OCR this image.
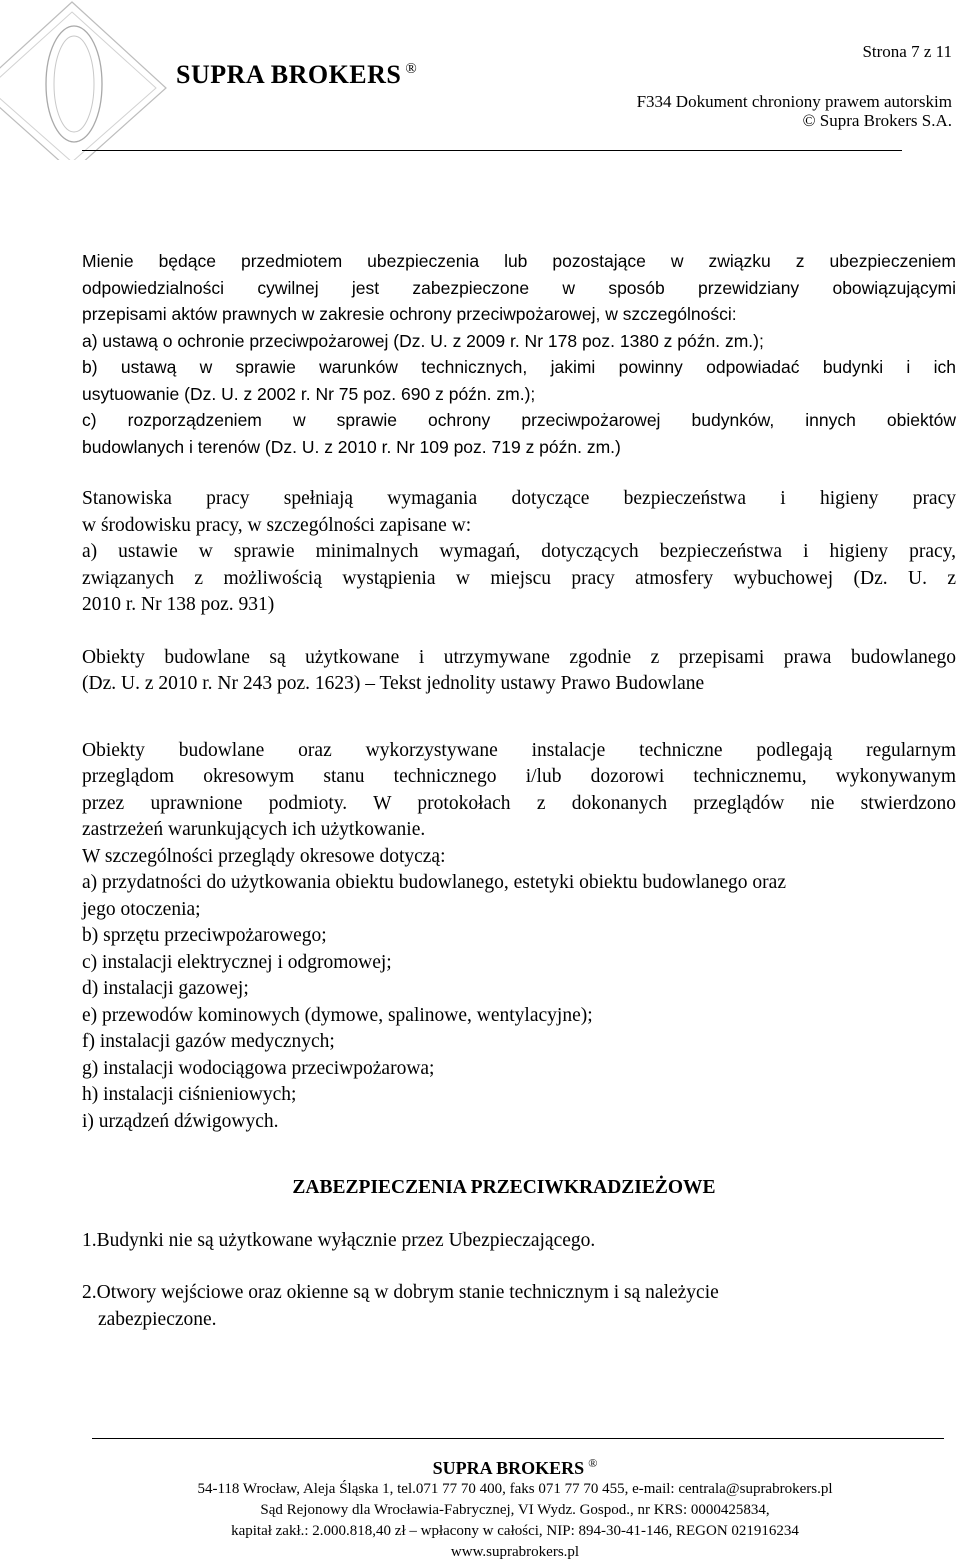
Strona 7 z 11
SUPRA BROKERS ®
F334 Dokument chroniony prawem autorskim
© Supra Brokers S.A.

Mienie będące przedmiotem ubezpieczenia lub pozostające w związku z ubezpieczeniem

odpowiedzialności cywilnej jest zabezpieczone w sposób przewidziany obowiązującymi

przepisami aktów prawnych w zakresie ochrony przeciwpożarowej, w szczególności:

a) ustawą o ochronie przeciwpożarowej (Dz. U. z 2009 r. Nr 178 poz. 1380 z późn. zm.);

b) ustawą w sprawie warunków technicznych, jakimi powinny odpowiadać budynki i ich

usytuowanie (Dz. U. z 2002 r. Nr 75 poz. 690 z późn. zm.);

c) rozporządzeniem w sprawie ochrony przeciwpożarowej budynków, innych obiektów

budowlanych i terenów (Dz. U. z 2010 r. Nr 109 poz. 719 z późn. zm.)

Stanowiska pracy spełniają wymagania dotyczące bezpieczeństwa i higieny pracy

w środowisku pracy, w szczególności zapisane w:

a) ustawie w sprawie minimalnych wymagań, dotyczących bezpieczeństwa i higieny pracy,

związanych z możliwością wystąpienia w miejscu pracy atmosfery wybuchowej (Dz. U. z

2010 r. Nr 138 poz. 931)

Obiekty budowlane są użytkowane i utrzymywane zgodnie z przepisami prawa budowlanego

(Dz. U. z 2010 r. Nr 243 poz. 1623) – Tekst jednolity ustawy Prawo Budowlane

Obiekty budowlane oraz wykorzystywane instalacje techniczne podlegają regularnym

przeglądom okresowym stanu technicznego i/lub dozorowi technicznemu, wykonywanym

przez uprawnione podmioty. W protokołach z dokonanych przeglądów nie stwierdzono

zastrzeżeń warunkujących ich użytkowanie.

W szczególności przeglądy okresowe dotyczą:

a) przydatności do użytkowania obiektu budowlanego, estetyki obiektu budowlanego oraz

jego otoczenia;

b) sprzętu przeciwpożarowego;

c) instalacji elektrycznej i odgromowej;

d) instalacji gazowej;

e) przewodów kominowych (dymowe, spalinowe, wentylacyjne);

f) instalacji gazów medycznych;

g) instalacji wodociągowa przeciwpożarowa;

h) instalacji ciśnieniowych;

i) urządzeń dźwigowych.

ZABEZPIECZENIA PRZECIWKRADZIEŻOWE

1.Budynki nie są użytkowane wyłącznie przez Ubezpieczającego.

2.Otwory wejściowe oraz okienne są w dobrym stanie technicznym i są należycie

zabezpieczone.

SUPRA BROKERS ®
54-118 Wrocław, Aleja Śląska 1, tel.071 77 70 400, faks 071 77 70 455, e-mail: centrala@suprabrokers.pl
Sąd Rejonowy dla Wrocławia-Fabrycznej, VI Wydz. Gospod., nr KRS: 0000425834,
kapitał zakł.: 2.000.818,40 zł – wpłacony w całości, NIP: 894-30-41-146, REGON 021916234
www.suprabrokers.pl
